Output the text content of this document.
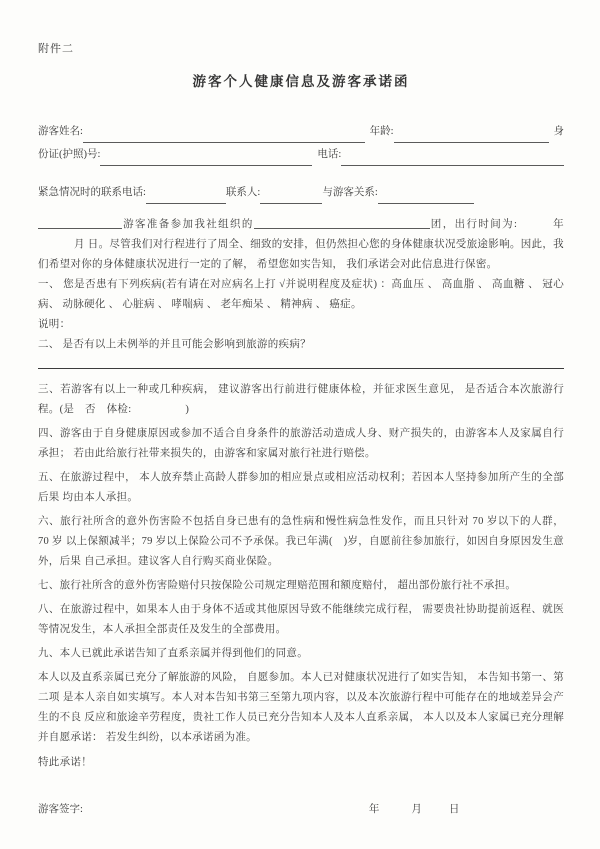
附件二
游客个人健康信息及游客承诺函
游客姓名:	年龄:	身
份证(护照)号:	电话:
紧急情况时的联系电话:	联系人:	与游客关系:

游客准备参加我社组织的	团，出行时间为:	年月 日。尽管我们对行程进行了周全、细致的安排，但仍然担心您的身体健康状况受旅途影响。因此，我们希望对你的身体健康状况进行一定的了解， 希望您如实告知， 我们承诺会对此信息进行保密。

一、 您是否患有下列疾病(若有请在对应病名上打 √并说明程度及症状) ：高血压 、 高血脂 、 高血糖 、 冠心病、 动脉硬化 、 心脏病 、 哮喘病 、 老年痴呆 、 精神病 、 癌症。

说明：

二、 是否有以上未例举的并且可能会影响到旅游的疾病？

三、若游客有以上一种或几种疾病， 建议游客出行前进行健康体检，并征求医生意见， 是否适合本次旅游行程。(是　否　体检:　　　　　)

四、游客由于自身健康原因或参加不适合自身条件的旅游活动造成人身、财产损失的，由游客本人及家属自行承担； 若由此给旅行社带来损失的，由游客和家属对旅行社进行赔偿。

五、在旅游过程中， 本人放弃禁止高龄人群参加的相应景点或相应活动权利；若因本人坚持参加所产生的全部后果 均由本人承担。

六、旅行社所含的意外伤害险不包括自身已患有的急性病和慢性病急性发作，而且只针对 70 岁以下的人群， 70 岁 以上保额减半；79 岁以上保险公司不予承保。我已年满(　)岁，自愿前往参加旅行，如因自身原因发生意外，后果 自己承担。建议客人自行购买商业保险。

七、旅行社所含的意外伤害险赔付只按保险公司规定理赔范围和额度赔付， 超出部份旅行社不承担。

八、在旅游过程中，如果本人由于身体不适或其他原因导致不能继续完成行程， 需要贵社协助提前返程、就医等情况发生，本人承担全部责任及发生的全部费用。

九、本人已就此承诺告知了直系亲属并得到他们的同意。

本人以及直系亲属已充分了解旅游的风险， 自愿参加。本人已对健康状况进行了如实告知， 本告知书第一、第二项 是本人亲自如实填写。本人对本告知书第三至第九项内容，以及本次旅游行程中可能存在的地域差异会产生的不良 反应和旅途辛劳程度，贵社工作人员已充分告知本人及本人直系亲属， 本人以及本人家属已充分理解并自愿承诺： 若发生纠纷，以本承诺函为准。

特此承诺！

游客签字:	年	月	日
